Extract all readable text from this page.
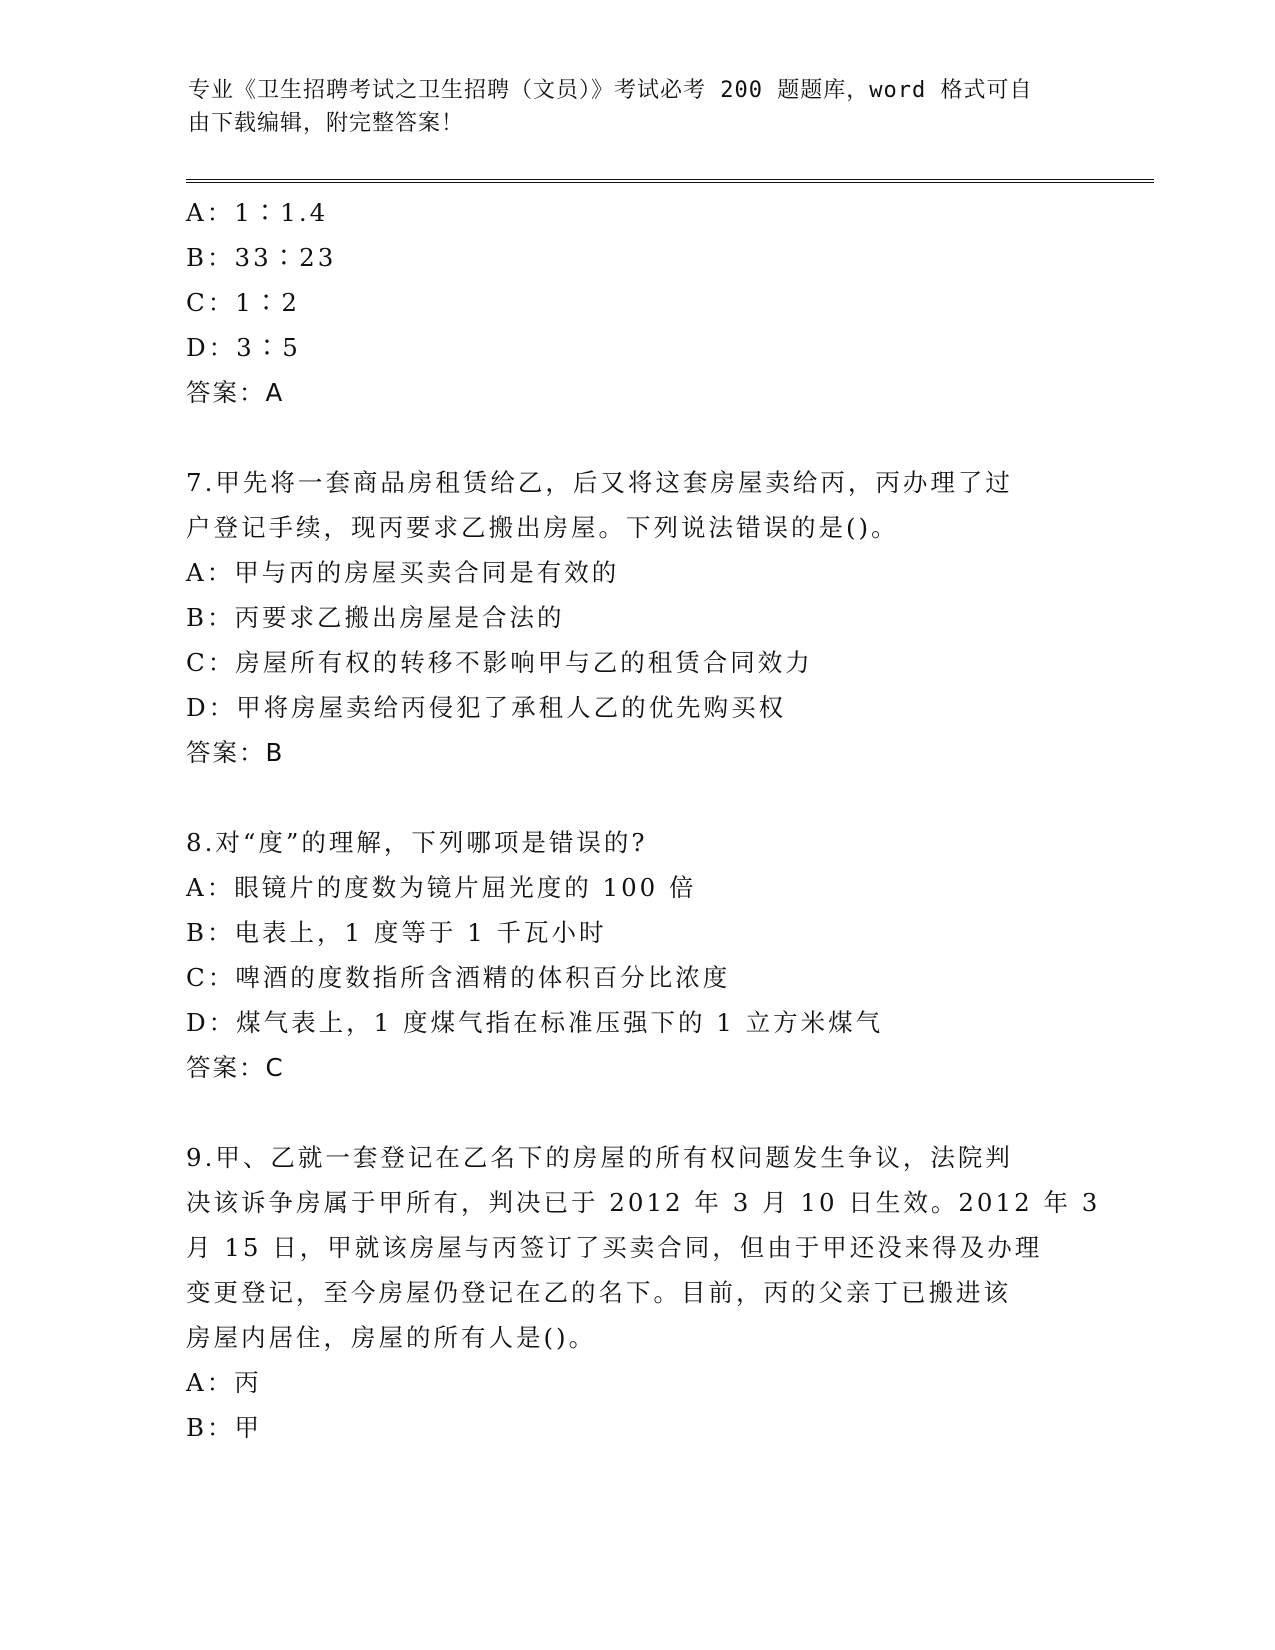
专业《卫生招聘考试之卫生招聘（文员）》考试必考 200 题题库，word 格式可自
由下载编辑，附完整答案！
A：1∶1.4
B：33∶23
C：1∶2
D：3∶5
答案：A
7.甲先将一套商品房租赁给乙，后又将这套房屋卖给丙，丙办理了过
户登记手续，现丙要求乙搬出房屋。下列说法错误的是()。
A：甲与丙的房屋买卖合同是有效的
B：丙要求乙搬出房屋是合法的
C：房屋所有权的转移不影响甲与乙的租赁合同效力
D：甲将房屋卖给丙侵犯了承租人乙的优先购买权
答案：B
8.对“度”的理解，下列哪项是错误的?
A：眼镜片的度数为镜片屈光度的 100 倍
B：电表上，1 度等于 1 千瓦小时
C：啤酒的度数指所含酒精的体积百分比浓度
D：煤气表上，1 度煤气指在标准压强下的 1 立方米煤气
答案：C
9.甲、乙就一套登记在乙名下的房屋的所有权问题发生争议，法院判
决该诉争房属于甲所有，判决已于 2012 年 3 月 10 日生效。2012 年 3
月 15 日，甲就该房屋与丙签订了买卖合同，但由于甲还没来得及办理
变更登记，至今房屋仍登记在乙的名下。目前，丙的父亲丁已搬进该
房屋内居住，房屋的所有人是()。
A：丙
B：甲
